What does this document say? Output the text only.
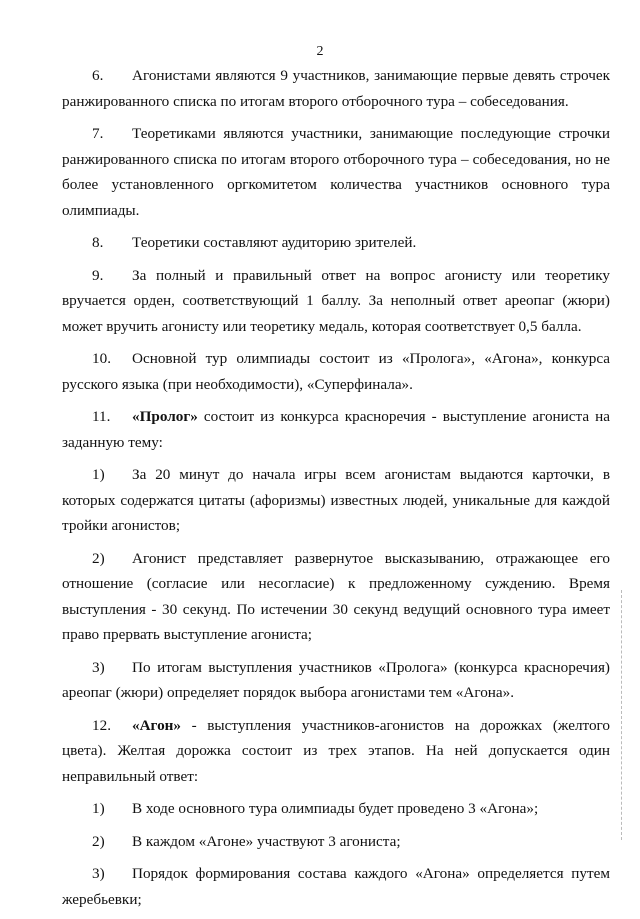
2

6. Агонистами являются 9 участников, занимающие первые девять строчек ранжированного списка по итогам второго отборочного тура – собеседования.

7. Теоретиками являются участники, занимающие последующие строчки ранжированного списка по итогам второго отборочного тура – собеседования, но не более установленного оргкомитетом количества участников основного тура олимпиады.

8. Теоретики составляют аудиторию зрителей.

9. За полный и правильный ответ на вопрос агонисту или теоретику вручается орден, соответствующий 1 баллу. За неполный ответ ареопаг (жюри) может вручить агонисту или теоретику медаль, которая соответствует 0,5 балла.

10. Основной тур олимпиады состоит из «Пролога», «Агона», конкурса русского языка (при необходимости), «Суперфинала».

11. «Пролог» состоит из конкурса красноречия - выступление агониста на заданную тему:

1) За 20 минут до начала игры всем агонистам выдаются карточки, в которых содержатся цитаты (афоризмы) известных людей, уникальные для каждой тройки агонистов;

2) Агонист представляет развернутое высказыванию, отражающее его отношение (согласие или несогласие) к предложенному суждению. Время выступления - 30 секунд. По истечении 30 секунд ведущий основного тура имеет право прервать выступление агониста;

3) По итогам выступления участников «Пролога» (конкурса красноречия) ареопаг (жюри) определяет порядок выбора агонистами тем «Агона».

12. «Агон» - выступления участников-агонистов на дорожках (желтого цвета). Желтая дорожка состоит из трех этапов. На ней допускается один неправильный ответ:

1) В ходе основного тура олимпиады будет проведено 3 «Агона»;

2) В каждом «Агоне» участвуют 3 агониста;

3) Порядок формирования состава каждого «Агона» определяется путем жеребьевки;
